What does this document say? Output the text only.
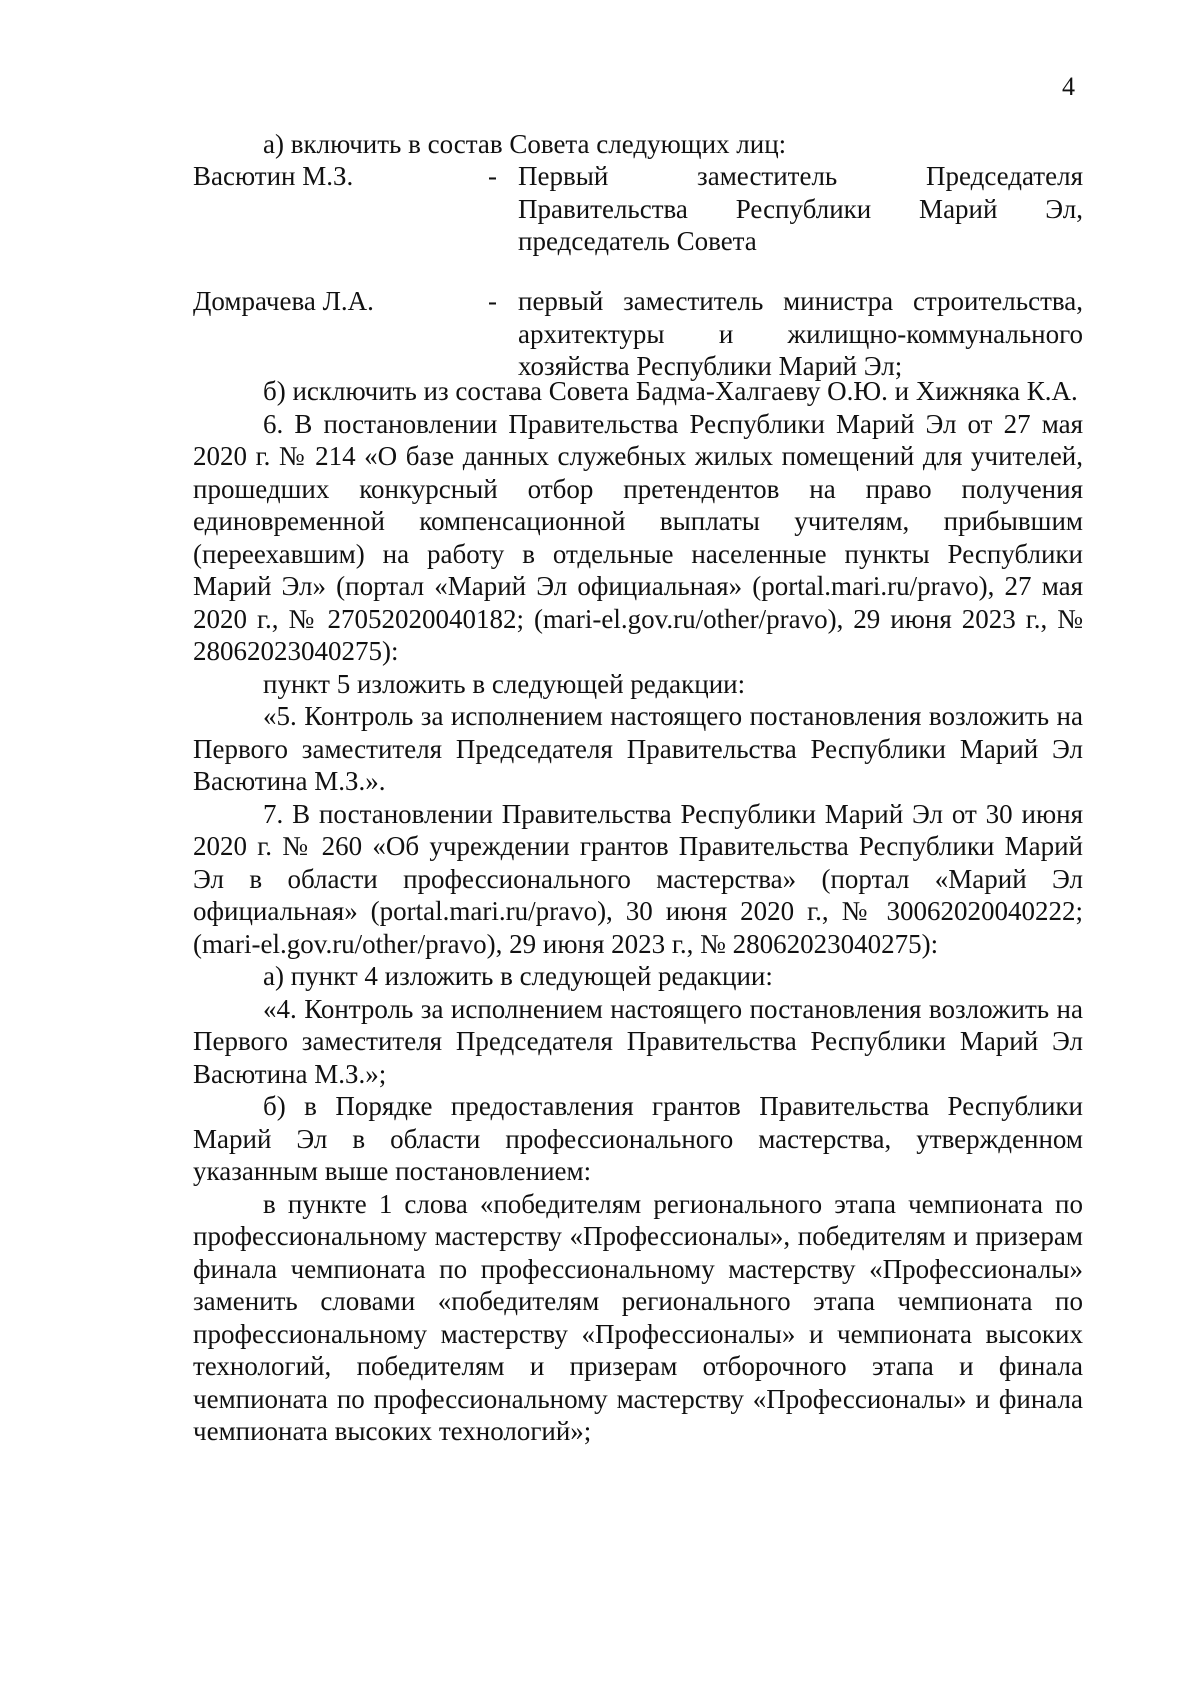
4

а) включить в состав Совета следующих лиц:

Васютин М.З.	- Первый заместитель Председателя Правительства Республики Марий Эл, председатель Совета
Домрачева Л.А.	- первый заместитель министра строительства, архитектуры и жилищно-коммунального хозяйства Республики Марий Эл;

б) исключить из состава Совета Бадма-Халгаеву О.Ю. и Хижняка К.А.

6. В постановлении Правительства Республики Марий Эл от 27 мая 2020 г. № 214 «О базе данных служебных жилых помещений для учителей, прошедших конкурсный отбор претендентов на право получения единовременной компенсационной выплаты учителям, прибывшим (переехавшим) на работу в отдельные населенные пункты Республики Марий Эл» (портал «Марий Эл официальная» (portal.mari.ru/pravo), 27 мая 2020 г., № 27052020040182; (mari-el.gov.ru/other/pravo), 29 июня 2023 г., № 28062023040275):

пункт 5 изложить в следующей редакции:

«5. Контроль за исполнением настоящего постановления возложить на Первого заместителя Председателя Правительства Республики Марий Эл Васютина М.З.».

7. В постановлении Правительства Республики Марий Эл от 30 июня 2020 г. № 260 «Об учреждении грантов Правительства Республики Марий Эл в области профессионального мастерства» (портал «Марий Эл официальная» (portal.mari.ru/pravo), 30 июня 2020 г., № 30062020040222; (mari-el.gov.ru/other/pravo), 29 июня 2023 г., № 28062023040275):

а) пункт 4 изложить в следующей редакции:

«4. Контроль за исполнением настоящего постановления возложить на Первого заместителя Председателя Правительства Республики Марий Эл Васютина М.З.»;

б) в Порядке предоставления грантов Правительства Республики Марий Эл в области профессионального мастерства, утвержденном указанным выше постановлением:

в пункте 1 слова «победителям регионального этапа чемпионата по профессиональному мастерству «Профессионалы», победителям и призерам финала чемпионата по профессиональному мастерству «Профессионалы» заменить словами «победителям регионального этапа чемпионата по профессиональному мастерству «Профессионалы» и чемпионата высоких технологий, победителям и призерам отборочного этапа и финала чемпионата по профессиональному мастерству «Профессионалы» и финала чемпионата высоких технологий»;
